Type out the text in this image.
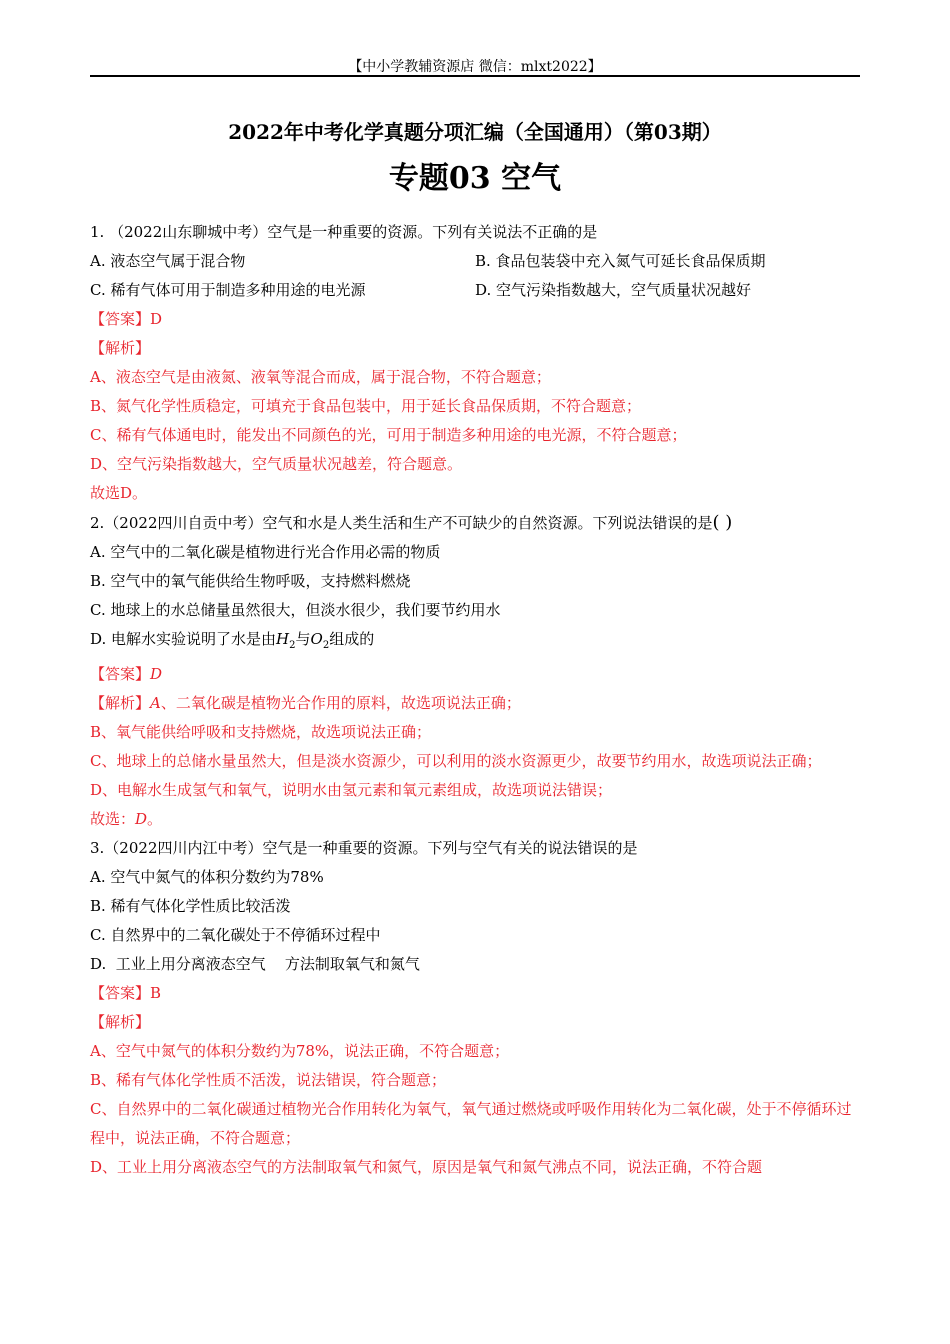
【中小学教辅资源店 微信：mlxt2022】
2022年中考化学真题分项汇编（全国通用）（第03期）
专题03 空气
1. （2022山东聊城中考）空气是一种重要的资源。下列有关说法不正确的是
A. 液态空气属于混合物	B. 食品包装袋中充入氮气可延长食品保质期
C. 稀有气体可用于制造多种用途的电光源	D. 空气污染指数越大，空气质量状况越好
【答案】D
【解析】
A、液态空气是由液氮、液氧等混合而成，属于混合物，不符合题意；
B、氮气化学性质稳定，可填充于食品包装中，用于延长食品保质期，不符合题意；
C、稀有气体通电时，能发出不同颜色的光，可用于制造多种用途的电光源，不符合题意；
D、空气污染指数越大，空气质量状况越差，符合题意。
故选D。
2.（2022四川自贡中考）空气和水是人类生活和生产不可缺少的自然资源。下列说法错误的是( )
A. 空气中的二氧化碳是植物进行光合作用必需的物质
B. 空气中的氧气能供给生物呼吸，支持燃料燃烧
C. 地球上的水总储量虽然很大，但淡水很少，我们要节约用水
D. 电解水实验说明了水是由$H_2$与$O_2$组成的
【答案】D
【解析】A、二氧化碳是植物光合作用的原料，故选项说法正确；
B、氧气能供给呼吸和支持燃烧，故选项说法正确；
C、地球上的总储水量虽然大，但是淡水资源少，可以利用的淡水资源更少，故要节约用水，故选项说法正确；
D、电解水生成氢气和氧气，说明水由氢元素和氧元素组成，故选项说法错误；
故选：D。
3.（2022四川内江中考）空气是一种重要的资源。下列与空气有关的说法错误的是
A. 空气中氮气的体积分数约为78%
B. 稀有气体化学性质比较活泼
C. 自然界中的二氧化碳处于不停循环过程中
D.  工业上用分离液态空气    方法制取氧气和氮气
【答案】B
【解析】
A、空气中氮气的体积分数约为78%，说法正确，不符合题意；
B、稀有气体化学性质不活泼，说法错误，符合题意；
C、自然界中的二氧化碳通过植物光合作用转化为氧气，氧气通过燃烧或呼吸作用转化为二氧化碳，处于不停循环过程中，说法正确，不符合题意；
D、工业上用分离液态空气的方法制取氧气和氮气，原因是氧气和氮气沸点不同，说法正确，不符合题
